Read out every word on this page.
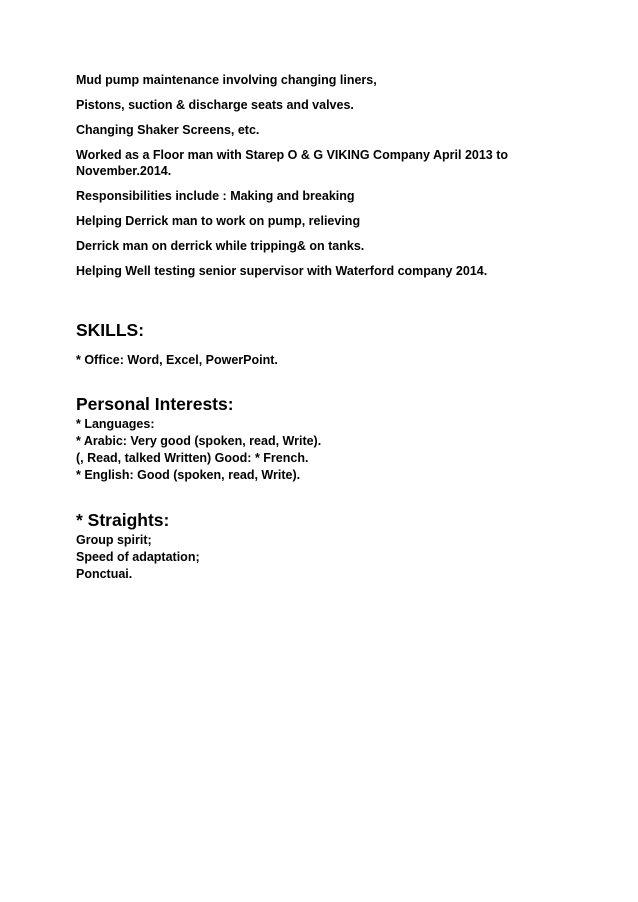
Mud pump maintenance involving changing liners,

Pistons, suction & discharge seats and valves.

Changing Shaker Screens, etc.

Worked as a Floor man with Starep O & G VIKING Company April 2013 to

November.2014.

Responsibilities include : Making and breaking

Helping Derrick man to work on pump, relieving

Derrick man on derrick while tripping& on tanks.

Helping Well testing senior supervisor with Waterford company 2014.

SKILLS:

* Office: Word, Excel, PowerPoint.

Personal Interests:

* Languages:

* Arabic: Very good (spoken, read, Write).

(, Read, talked Written) Good: * French.

* English: Good (spoken, read, Write).

* Straights:

Group spirit;

Speed of adaptation;

Ponctuai.
